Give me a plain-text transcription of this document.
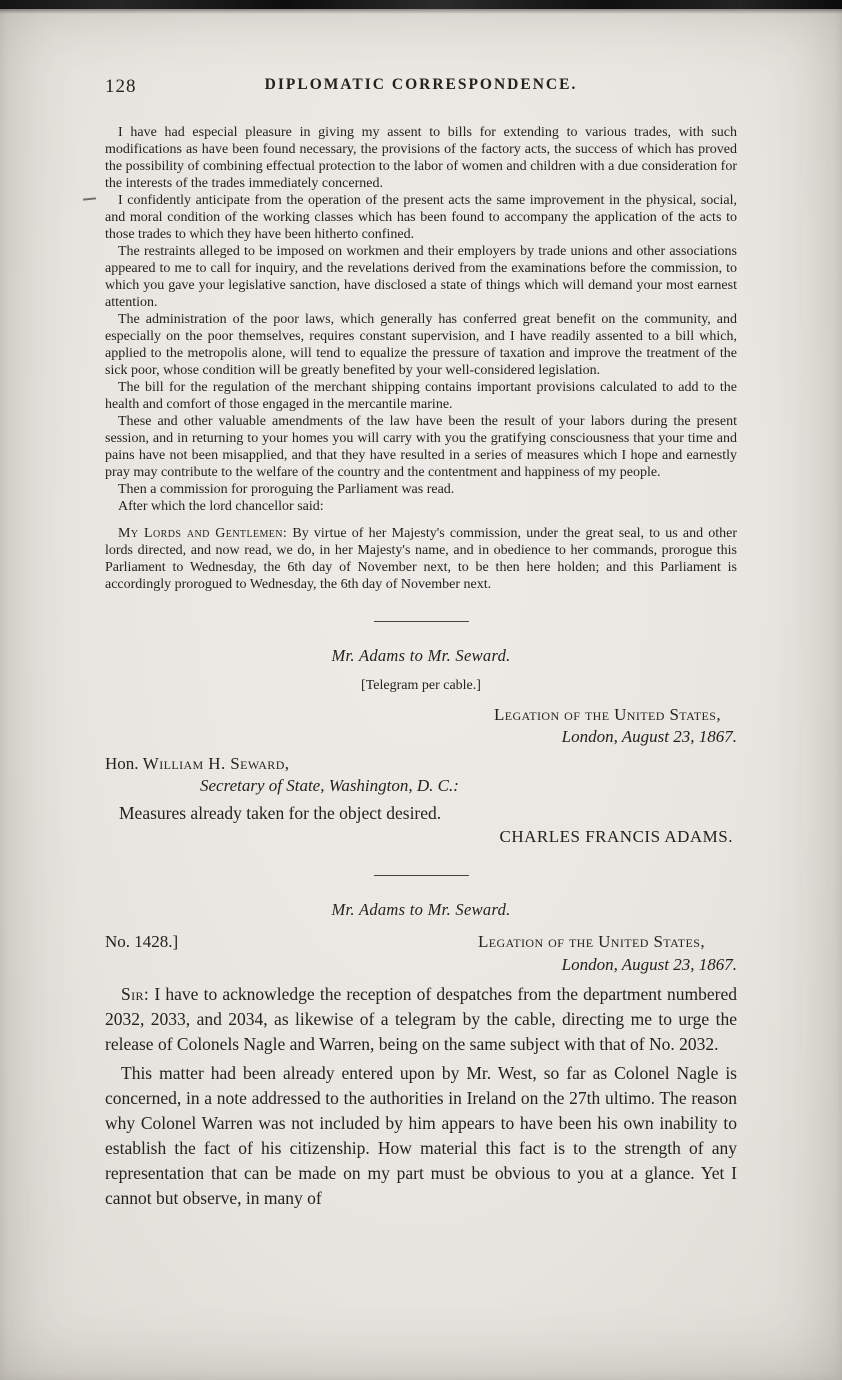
128	DIPLOMATIC CORRESPONDENCE.

I have had especial pleasure in giving my assent to bills for extending to various trades, with such modifications as have been found necessary, the provisions of the factory acts, the success of which has proved the possibility of combining effectual protection to the labor of women and children with a due consideration for the interests of the trades immediately concerned.

I confidently anticipate from the operation of the present acts the same improvement in the physical, social, and moral condition of the working classes which has been found to accompany the application of the acts to those trades to which they have been hitherto confined.

The restraints alleged to be imposed on workmen and their employers by trade unions and other associations appeared to me to call for inquiry, and the revelations derived from the examinations before the commission, to which you gave your legislative sanction, have disclosed a state of things which will demand your most earnest attention.

The administration of the poor laws, which generally has conferred great benefit on the community, and especially on the poor themselves, requires constant supervision, and I have readily assented to a bill which, applied to the metropolis alone, will tend to equalize the pressure of taxation and improve the treatment of the sick poor, whose condition will be greatly benefited by your well-considered legislation.

The bill for the regulation of the merchant shipping contains important provisions calculated to add to the health and comfort of those engaged in the mercantile marine.

These and other valuable amendments of the law have been the result of your labors during the present session, and in returning to your homes you will carry with you the gratifying consciousness that your time and pains have not been misapplied, and that they have resulted in a series of measures which I hope and earnestly pray may contribute to the welfare of the country and the contentment and happiness of my people.

Then a commission for proroguing the Parliament was read.

After which the lord chancellor said:

My Lords and Gentlemen: By virtue of her Majesty's commission, under the great seal, to us and other lords directed, and now read, we do, in her Majesty's name, and in obedience to her commands, prorogue this Parliament to Wednesday, the 6th day of November next, to be then here holden; and this Parliament is accordingly prorogued to Wednesday, the 6th day of November next.

Mr. Adams to Mr. Seward.
[Telegram per cable.]
Legation of the United States,
London, August 23, 1867.
Hon. William H. Seward,
Secretary of State, Washington, D. C.:

Measures already taken for the object desired.

CHARLES FRANCIS ADAMS.
Mr. Adams to Mr. Seward.
No. 1428.]	Legation of the United States,
London, August 23, 1867.

Sir: I have to acknowledge the reception of despatches from the department numbered 2032, 2033, and 2034, as likewise of a telegram by the cable, directing me to urge the release of Colonels Nagle and Warren, being on the same subject with that of No. 2032.

This matter had been already entered upon by Mr. West, so far as Colonel Nagle is concerned, in a note addressed to the authorities in Ireland on the 27th ultimo. The reason why Colonel Warren was not included by him appears to have been his own inability to establish the fact of his citizenship. How material this fact is to the strength of any representation that can be made on my part must be obvious to you at a glance. Yet I cannot but observe, in many of
